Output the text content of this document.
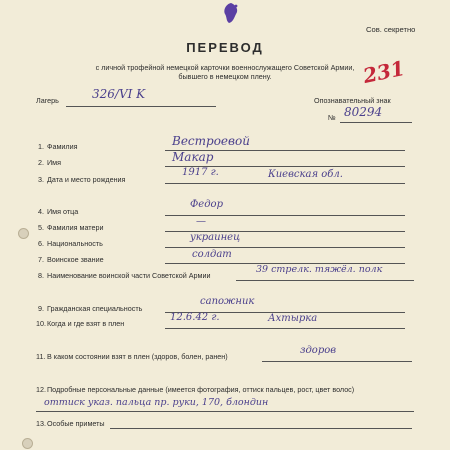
Сов. секретно
ПЕРЕВОД
с личной трофейной немецкой карточки военнослужащего Советской Армии,
бывшего в немецком плену.	231
Лагерь	326/VI K	Опознавательный знак
№ 80294
1. Фамилия	Вестроевой
2. Имя	Макар
3. Дата и место рождения
1917 г.	Киевская обл.
4. Имя отца
Федор
5. Фамилия матери
—
6. Национальность
украинец
7. Воинское звание	солдат
8. Наименование воинской части Советской Армии
39 стрелк. тяжёл. полк
9. Гражданская специальность
сапожник
10. Когда и где взят в плен
12.6.42 г.	Ахтырка
11. В каком состоянии взят в плен (здоров, болен, ранен)
здоров
12. Подробные персональные данные (имеется фотография, оттиск пальцев, рост, цвет волос)
оттиск указ. пальца пр. руки, 170, блондин
13. Особые приметы
